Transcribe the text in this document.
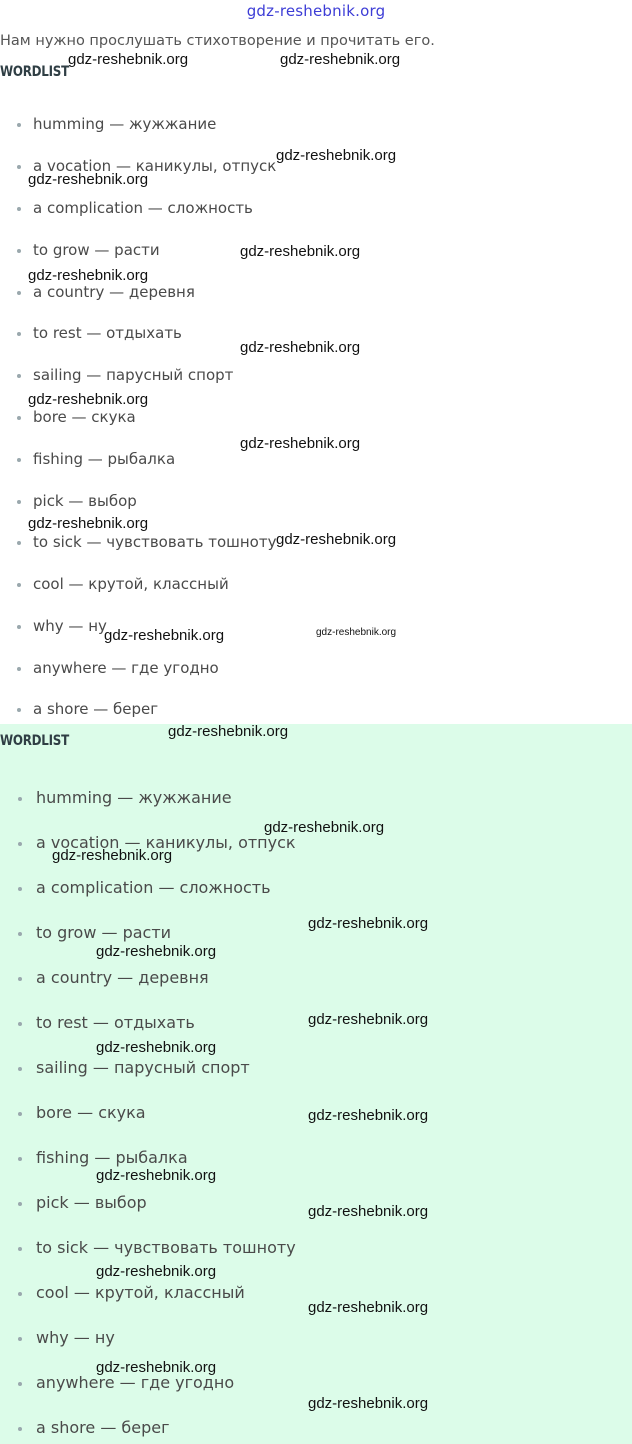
gdz-reshebnik.org
Нам нужно прослушать стихотворение и прочитать его.
WORDLIST
humming — жужжание
a vocation — каникулы, отпуск
a complication — сложность
to grow — расти
a country — деревня
to rest — отдыхать
sailing — парусный спорт
bore — скука
fishing — рыбалка
pick — выбор
to sick — чувствовать тошноту
cool — крутой, классный
why — ну
anywhere — где угодно
a shore — берег
WORDLIST
humming — жужжание
a vocation — каникулы, отпуск
a complication — сложность
to grow — расти
a country — деревня
to rest — отдыхать
sailing — парусный спорт
bore — скука
fishing — рыбалка
pick — выбор
to sick — чувствовать тошноту
cool — крутой, классный
why — ну
anywhere — где угодно
a shore — берег
gdz-reshebnik.org	gdz-reshebnik.org
gdz-reshebnik.org
gdz-reshebnik.org
gdz-reshebnik.org
gdz-reshebnik.org
gdz-reshebnik.org
gdz-reshebnik.org
gdz-reshebnik.org
gdz-reshebnik.org
gdz-reshebnik.org
gdz-reshebnik.org	gdz-reshebnik.org
gdz-reshebnik.org
gdz-reshebnik.org
gdz-reshebnik.org
gdz-reshebnik.org
gdz-reshebnik.org
gdz-reshebnik.org
gdz-reshebnik.org
gdz-reshebnik.org
gdz-reshebnik.org
gdz-reshebnik.org
gdz-reshebnik.org
gdz-reshebnik.org
gdz-reshebnik.org
gdz-reshebnik.org
